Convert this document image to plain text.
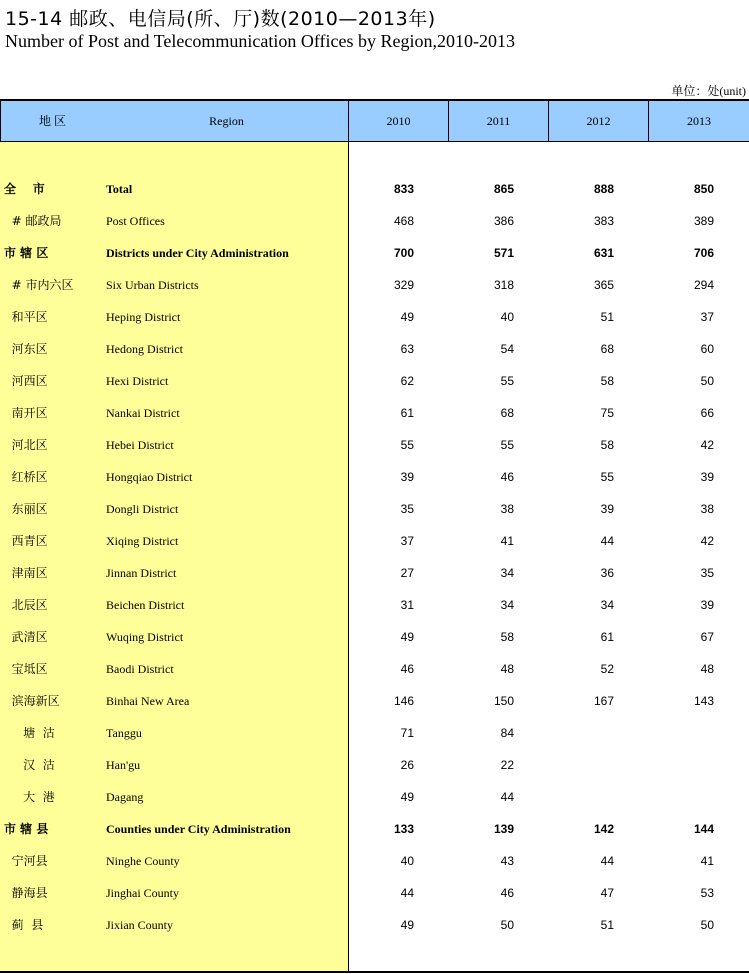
15-14 邮政、电信局(所、厅)数(2010—2013年)
Number of Post and Telecommunication Offices by Region,2010-2013
单位：处(unit)
地 区	Region	2010	2011	2012	2013
全    市	Total	833	865	888	850
# 邮政局	Post Offices	468	386	383	389
市 辖 区	Districts under City Administration	700	571	631	706
# 市内六区	Six Urban Districts	329	318	365	294
和平区	Heping District	49	40	51	37
河东区	Hedong District	63	54	68	60
河西区	Hexi District	62	55	58	50
南开区	Nankai District	61	68	75	66
河北区	Hebei District	55	55	58	42
红桥区	Hongqiao District	39	46	55	39
东丽区	Dongli District	35	38	39	38
西青区	Xiqing District	37	41	44	42
津南区	Jinnan District	27	34	36	35
北辰区	Beichen District	31	34	34	39
武清区	Wuqing District	49	58	61	67
宝坻区	Baodi District	46	48	52	48
滨海新区	Binhai New Area	146	150	167	143
塘  沽	Tanggu	71	84
汉  沽	Han'gu	26	22
大  港	Dagang	49	44
市 辖 县	Counties under City Administration	133	139	142	144
宁河县	Ninghe County	40	43	44	41
静海县	Jinghai County	44	46	47	53
蓟  县	Jixian County	49	50	51	50
